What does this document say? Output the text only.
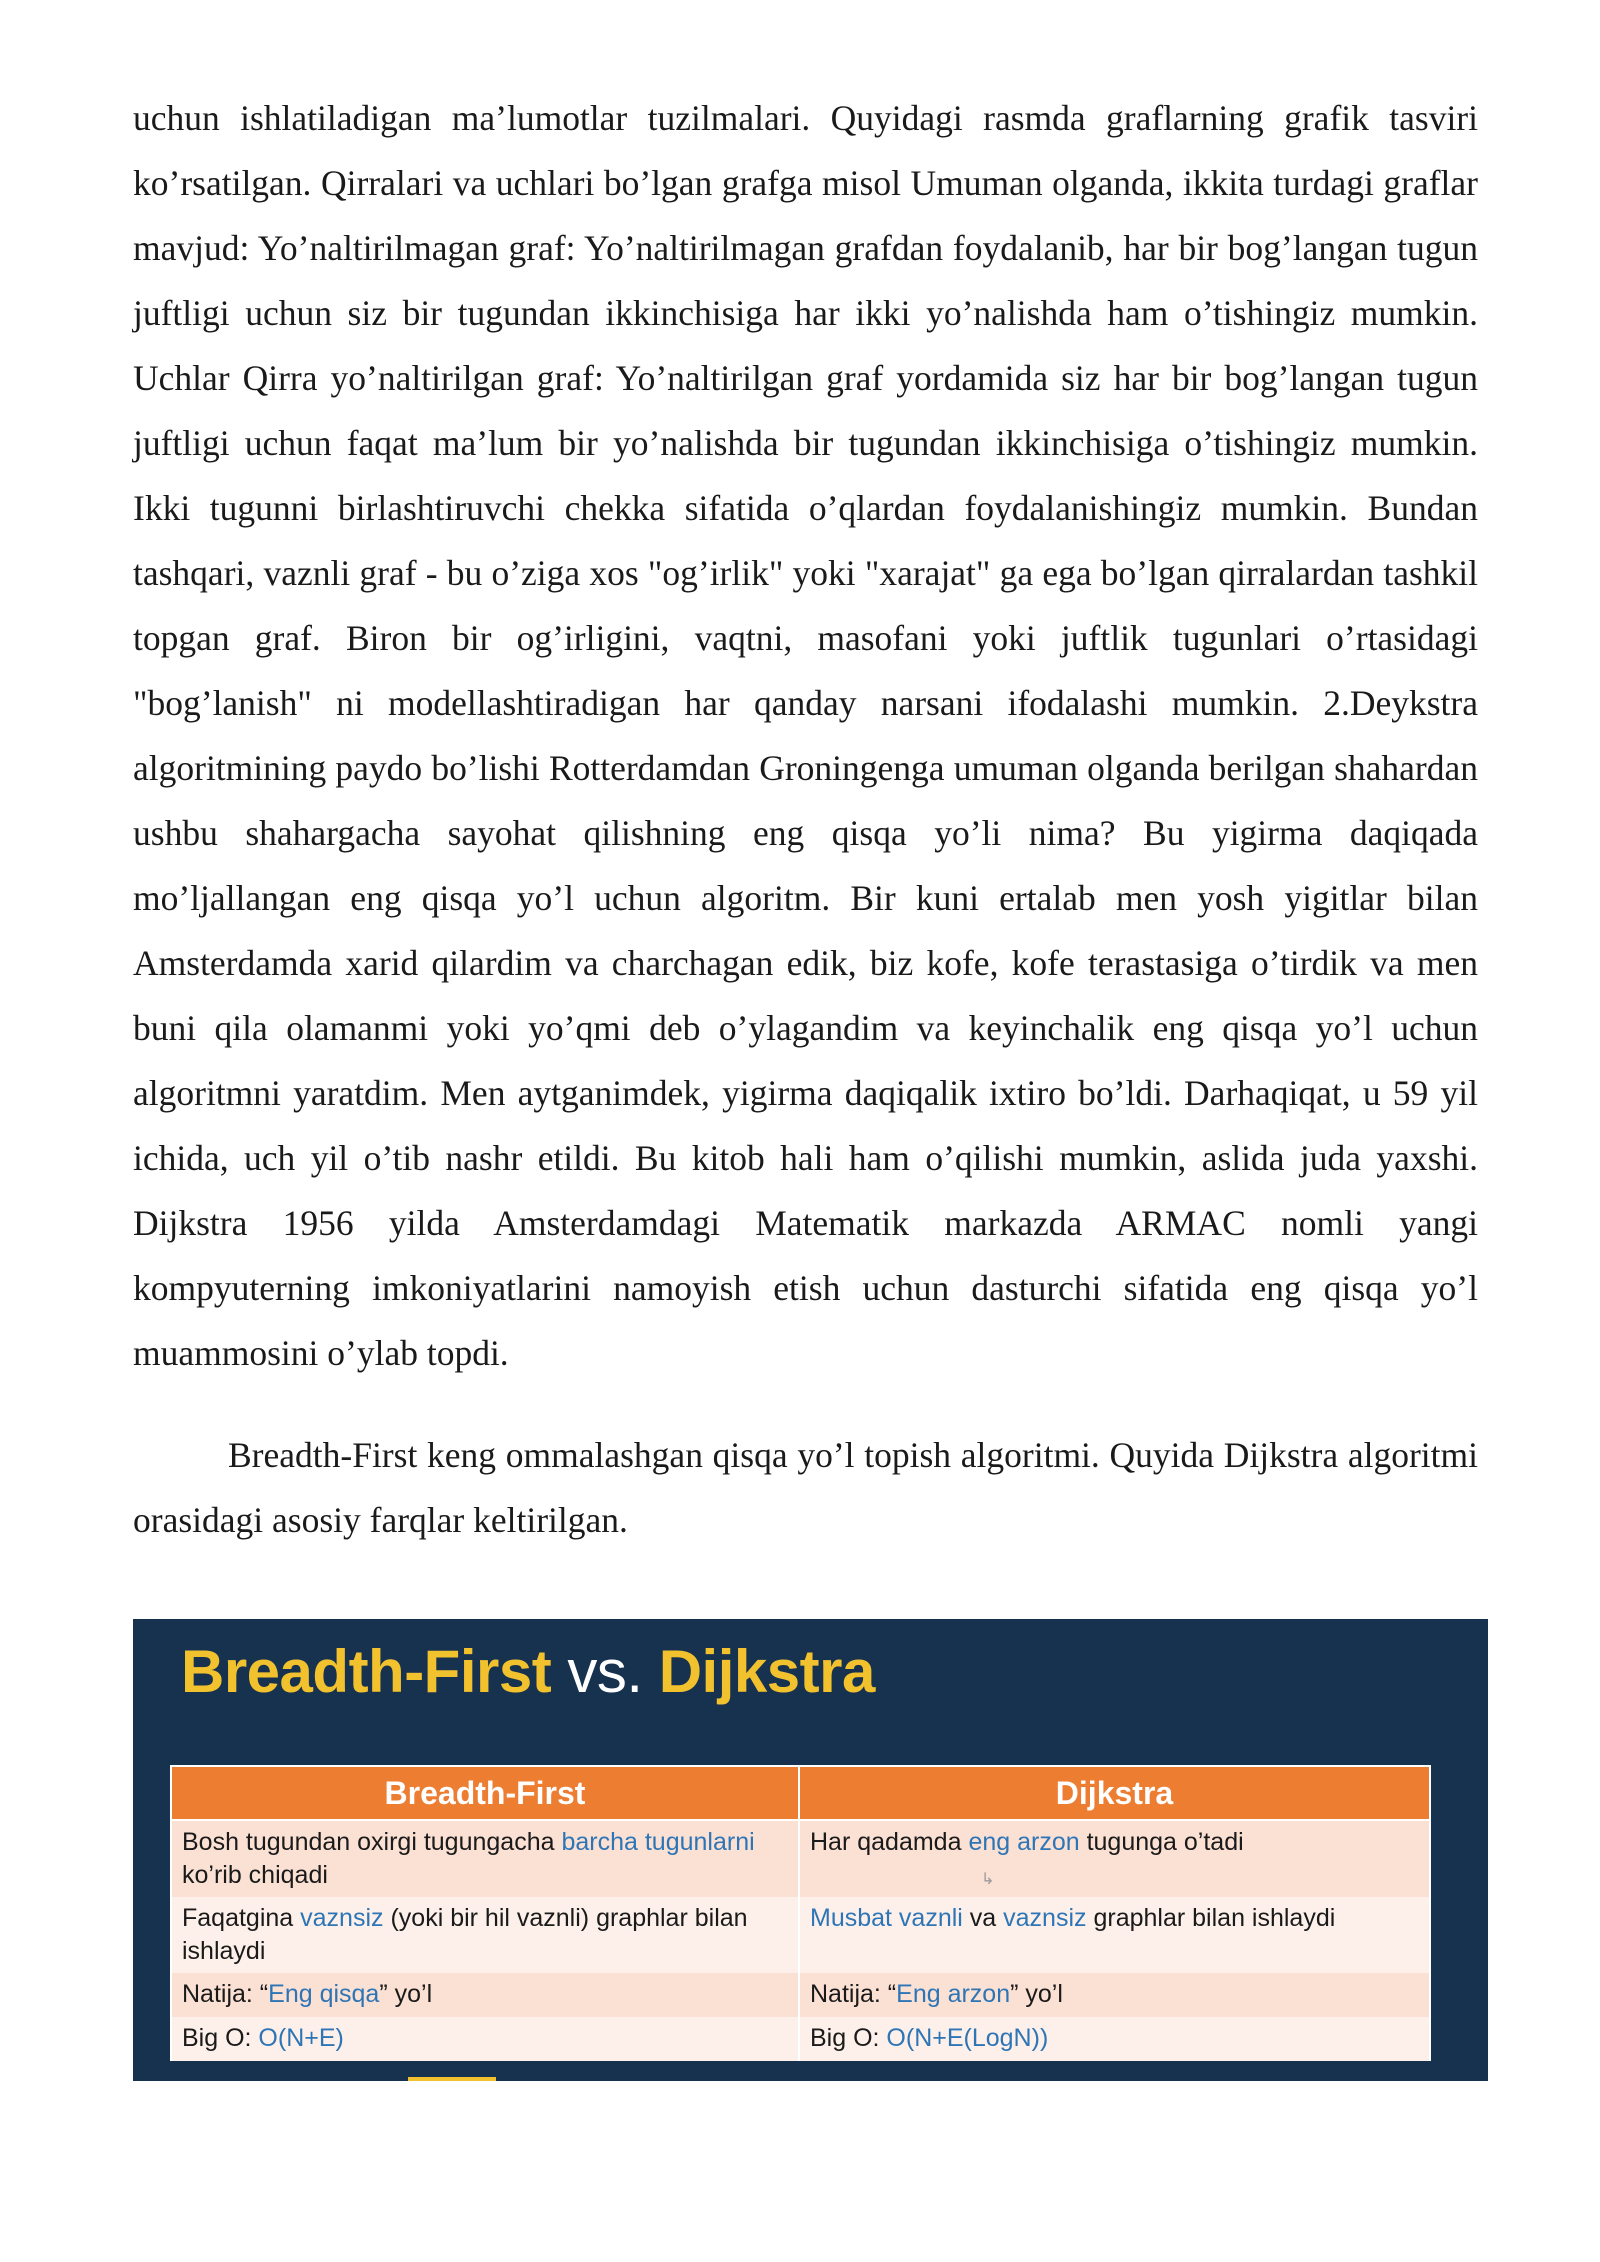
uchun ishlatiladigan ma’lumotlar tuzilmalari. Quyidagi rasmda graflarning grafik tasviri ko’rsatilgan. Qirralari va uchlari bo’lgan grafga misol Umuman olganda, ikkita turdagi graflar mavjud: Yo’naltirilmagan graf: Yo’naltirilmagan grafdan foydalanib, har bir bog’langan tugun juftligi uchun siz bir tugundan ikkinchisiga har ikki yo’nalishda ham o’tishingiz mumkin. Uchlar Qirra yo’naltirilgan graf: Yo’naltirilgan graf yordamida siz har bir bog’langan tugun juftligi uchun faqat ma’lum bir yo’nalishda bir tugundan ikkinchisiga o’tishingiz mumkin. Ikki tugunni birlashtiruvchi chekka sifatida o’qlardan foydalanishingiz mumkin. Bundan tashqari, vaznli graf - bu o’ziga xos "og’irlik" yoki "xarajat" ga ega bo’lgan qirralardan tashkil topgan graf. Biron bir og’irligini, vaqtni, masofani yoki juftlik tugunlari o’rtasidagi "bog’lanish" ni modellashtiradigan har qanday narsani ifodalashi mumkin. 2.Deykstra algoritmining paydo bo’lishi Rotterdamdan Groningenga umuman olganda berilgan shahardan ushbu shahargacha sayohat qilishning eng qisqa yo’li nima? Bu yigirma daqiqada mo’ljallangan eng qisqa yo’l uchun algoritm. Bir kuni ertalab men yosh yigitlar bilan Amsterdamda xarid qilardim va charchagan edik, biz kofe, kofe terastasiga o’tirdik va men buni qila olamanmi yoki yo’qmi deb o’ylagandim va keyinchalik eng qisqa yo’l uchun algoritmni yaratdim. Men aytganimdek, yigirma daqiqalik ixtiro bo’ldi. Darhaqiqat, u 59 yil ichida, uch yil o’tib nashr etildi. Bu kitob hali ham o’qilishi mumkin, aslida juda yaxshi. Dijkstra 1956 yilda Amsterdamdagi Matematik markazda ARMAC nomli yangi kompyuterning imkoniyatlarini namoyish etish uchun dasturchi sifatida eng qisqa yo’l muammosini o’ylab topdi.

Breadth-First keng ommalashgan qisqa yo’l topish algoritmi. Quyida Dijkstra algoritmi orasidagi asosiy farqlar keltirilgan.

Breadth-First vs. Dijkstra
Breadth-First	Dijkstra
Bosh tugundan oxirgi tugungacha barcha tugunlarni ko’rib chiqadi	Har qadamda eng arzon tugunga o’tadi
Faqatgina vaznsiz (yoki bir hil vaznli) graphlar bilan ishlaydi	Musbat vaznli va vaznsiz graphlar bilan ishlaydi
Natija: “Eng qisqa” yo’l	Natija: “Eng arzon” yo’l
Big O: O(N+E)	Big O: O(N+E(LogN))
↳
